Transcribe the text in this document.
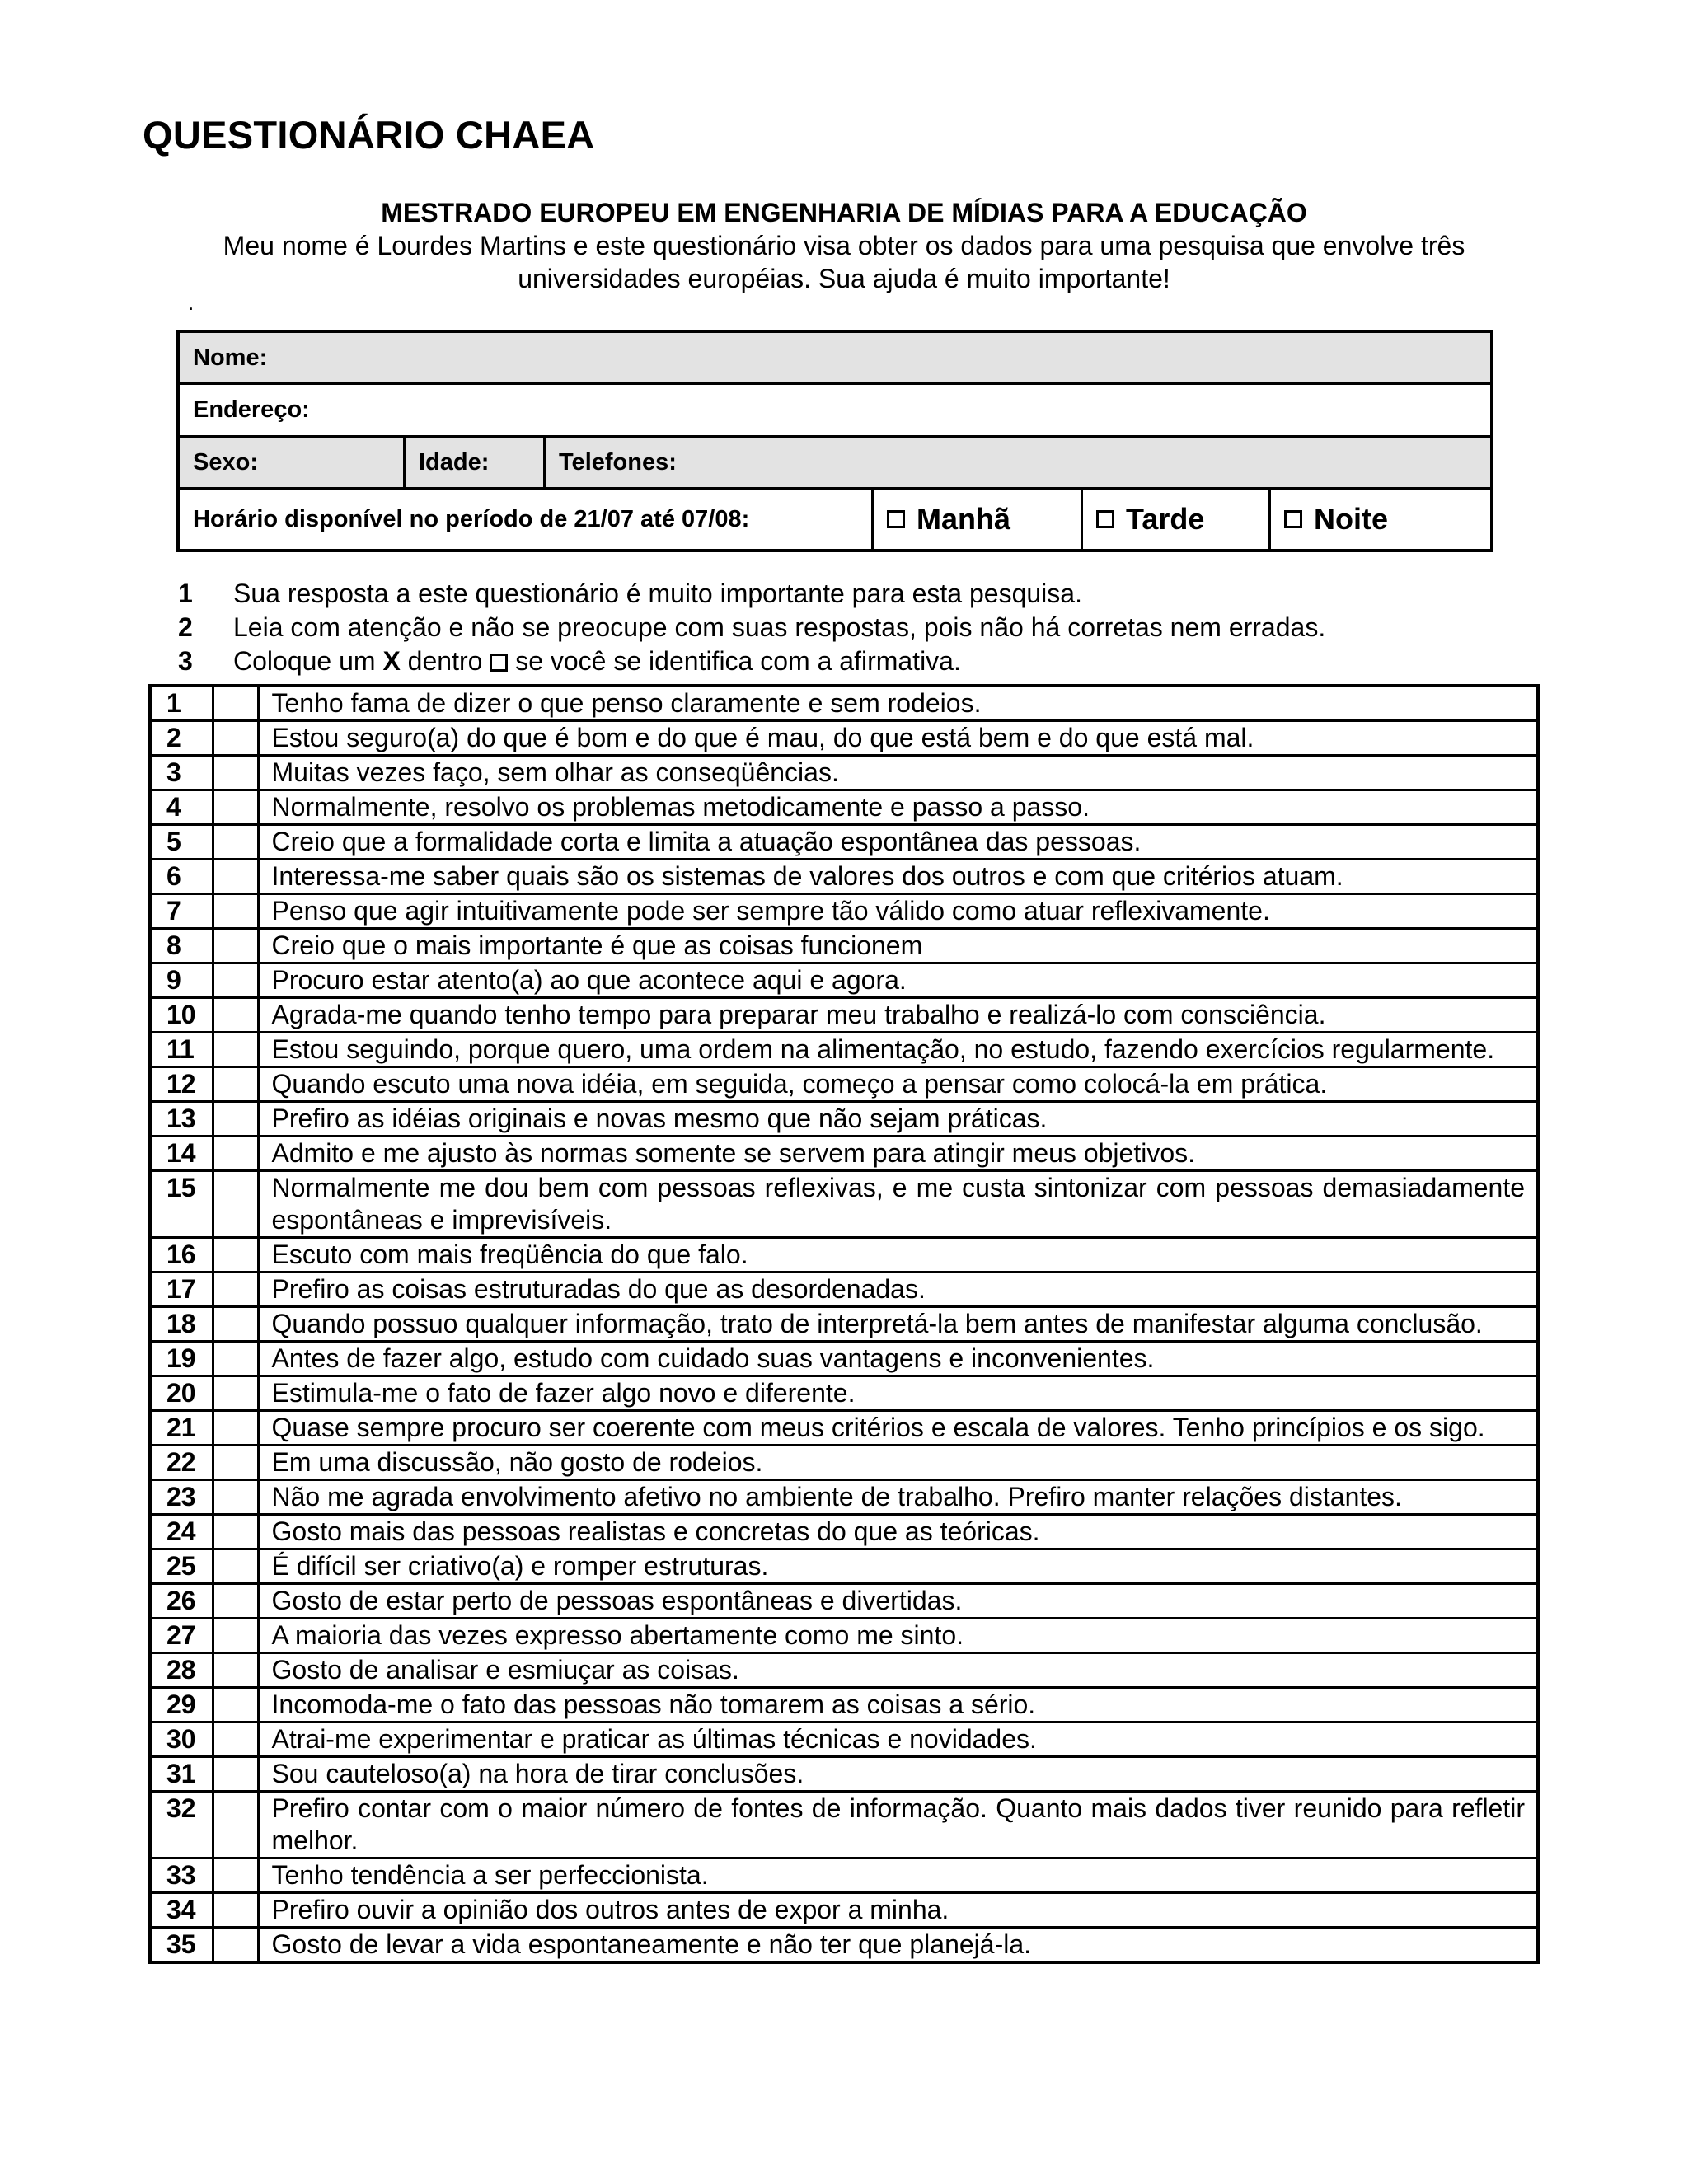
QUESTIONÁRIO CHAEA

MESTRADO EUROPEU EM ENGENHARIA DE MÍDIAS PARA A EDUCAÇÃO

Meu nome é Lourdes Martins e este questionário visa obter os dados para uma pesquisa que envolve três universidades européias. Sua ajuda é muito importante!

.
Nome:
Endereço:
Sexo:	Idade:	Telefones:
Horário disponível no período de 21/07 até 07/08:	Manhã	Tarde	Noite
1 Sua resposta a este questionário é muito importante para esta pesquisa.
2 Leia com atenção e não se preocupe com suas respostas, pois não há corretas nem erradas.
3 Coloque um X dentro  se você se identifica com a afirmativa.
1		Tenho fama de dizer o que penso claramente e sem rodeios.
2		Estou seguro(a) do que é bom e do que é mau, do que está bem e do que está mal.
3		Muitas vezes faço, sem olhar as conseqüências.
4		Normalmente, resolvo os problemas metodicamente e passo a passo.
5		Creio que a formalidade corta e limita a atuação espontânea das pessoas.
6		Interessa-me saber quais são os sistemas de valores dos outros e com que critérios atuam.
7		Penso que agir intuitivamente pode ser sempre tão válido como atuar reflexivamente.
8		Creio que o mais importante é que as coisas funcionem
9		Procuro estar atento(a) ao que acontece aqui e agora.
10		Agrada-me quando tenho tempo para preparar meu trabalho e realizá-lo com consciência.
11		Estou seguindo, porque quero, uma ordem na alimentação, no estudo, fazendo exercícios regularmente.
12		Quando escuto uma nova idéia, em seguida, começo a pensar como colocá-la em prática.
13		Prefiro as idéias originais e novas mesmo que não sejam práticas.
14		Admito e me ajusto às normas somente se servem para atingir meus objetivos.
15		Normalmente me dou bem com pessoas reflexivas, e me custa sintonizar com pessoas demasiadamente espontâneas e imprevisíveis.
16		Escuto com mais freqüência do que falo.
17		Prefiro as coisas estruturadas do que as desordenadas.
18		Quando possuo qualquer informação, trato de interpretá-la bem antes de manifestar alguma conclusão.
19		Antes de fazer algo, estudo com cuidado suas vantagens e inconvenientes.
20		Estimula-me o fato de fazer algo novo e diferente.
21		Quase sempre procuro ser coerente com meus critérios e escala de valores. Tenho princípios e os sigo.
22		Em uma discussão, não gosto de rodeios.
23		Não me agrada envolvimento afetivo no ambiente de trabalho. Prefiro manter relações distantes.
24		Gosto mais das pessoas realistas e concretas do que as teóricas.
25		É difícil ser criativo(a) e romper estruturas.
26		Gosto de estar perto de pessoas espontâneas e divertidas.
27		A maioria das vezes expresso abertamente como me sinto.
28		Gosto de analisar e esmiuçar as coisas.
29		Incomoda-me o fato das pessoas não tomarem as coisas a sério.
30		Atrai-me experimentar e praticar as últimas técnicas e novidades.
31		Sou cauteloso(a) na hora de tirar conclusões.
32		Prefiro contar com o maior número de fontes de informação. Quanto mais dados tiver reunido para refletir melhor.
33		Tenho tendência a ser perfeccionista.
34		Prefiro ouvir a opinião dos outros antes de expor a minha.
35		Gosto de levar a vida espontaneamente e não ter que planejá-la.
